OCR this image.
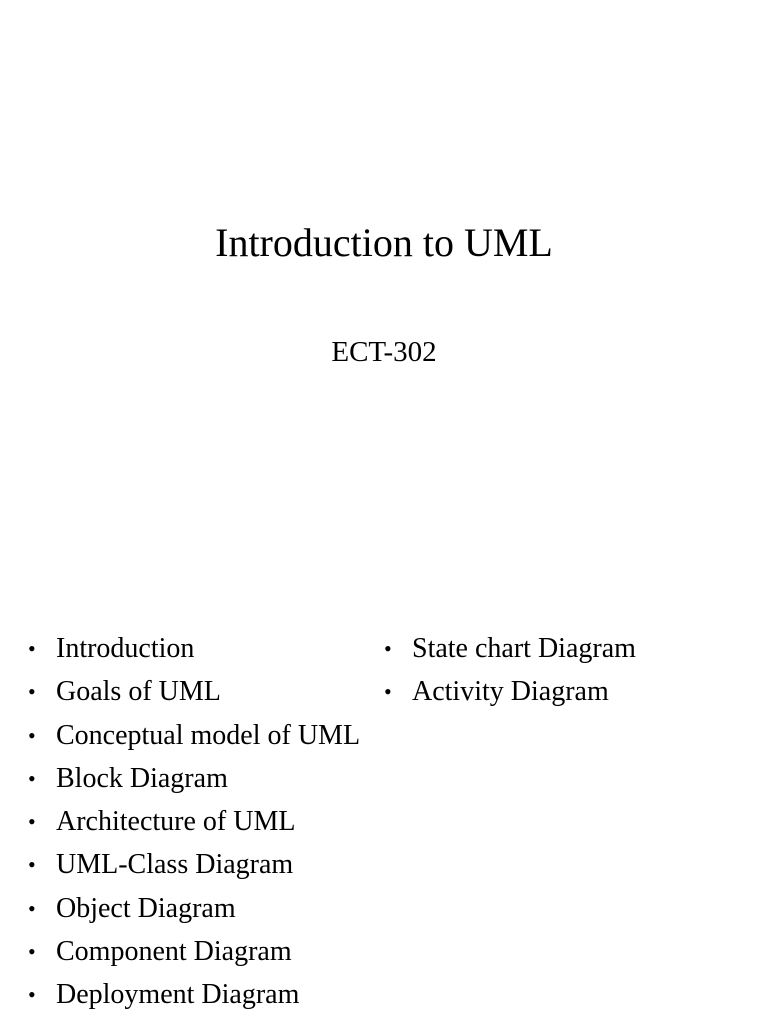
Introduction to UML
ECT-302
• Introduction
• Goals of UML
• Conceptual model of UML
• Block Diagram
• Architecture of UML
• UML-Class Diagram
• Object Diagram
• Component Diagram
• Deployment Diagram
• State chart Diagram
• Activity Diagram
